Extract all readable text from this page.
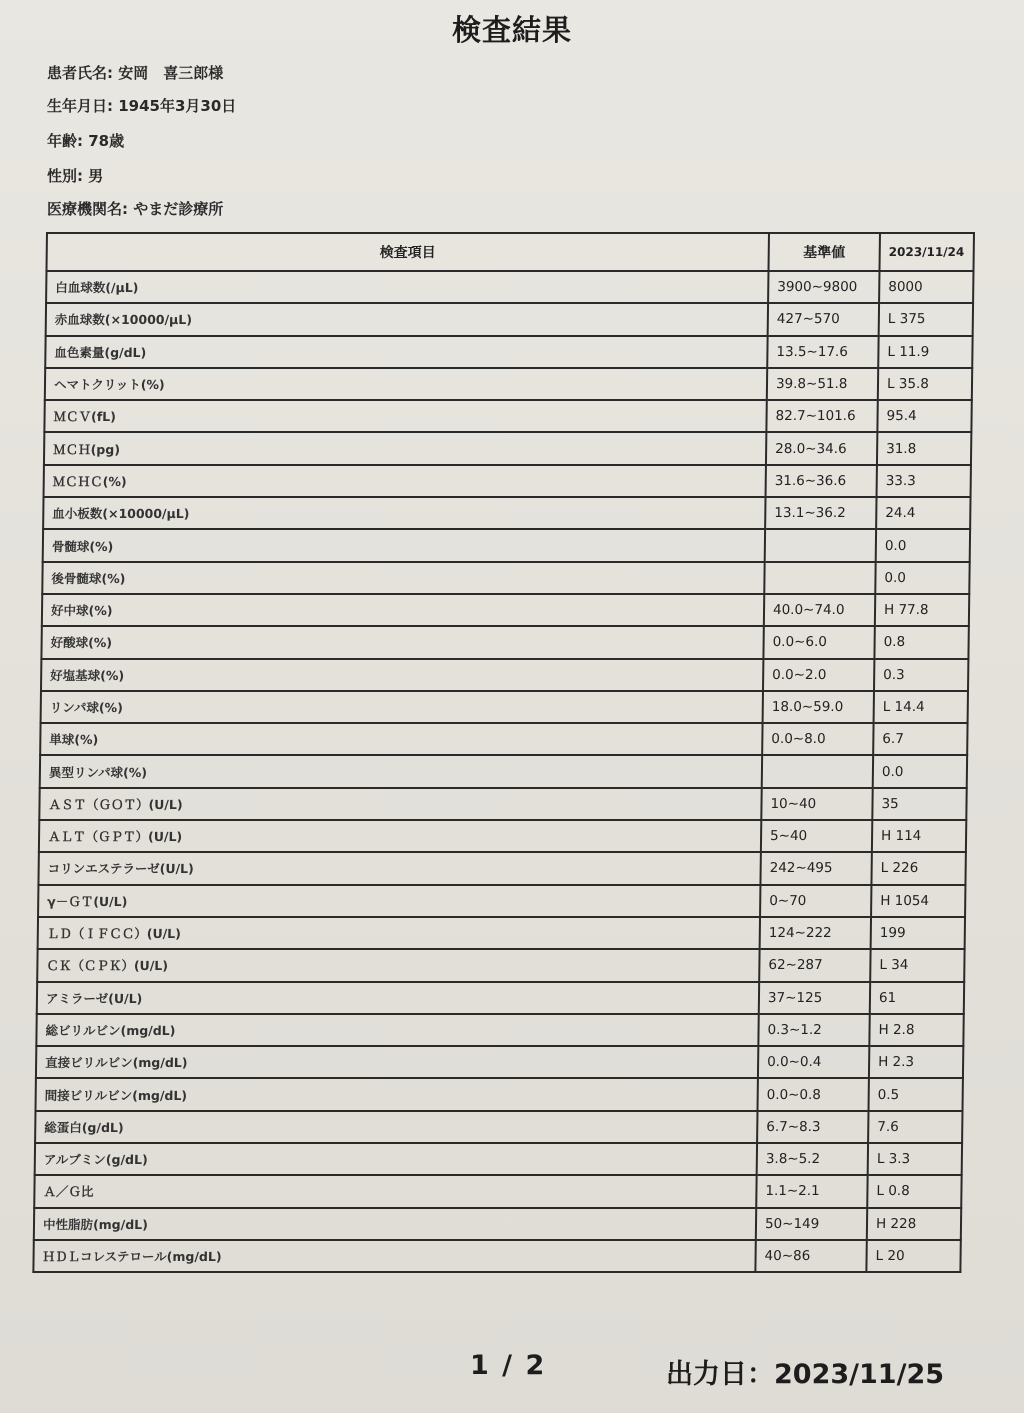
検査結果
患者氏名: 安岡　喜三郎様
生年月日: 1945年3月30日
年齢: 78歳
性別: 男
医療機関名: やまだ診療所
検査項目	基準値	2023/11/24
白血球数(/μL)	3900~9800	8000
赤血球数(×10000/μL)	427~570	L 375
血色素量(g/dL)	13.5~17.6	L 11.9
ヘマトクリット(%)	39.8~51.8	L 35.8
ＭＣＶ(fL)	82.7~101.6	95.4
ＭＣＨ(pg)	28.0~34.6	31.8
ＭＣＨＣ(%)	31.6~36.6	33.3
血小板数(×10000/μL)	13.1~36.2	24.4
骨髄球(%)		0.0
後骨髄球(%)		0.0
好中球(%)	40.0~74.0	H 77.8
好酸球(%)	0.0~6.0	0.8
好塩基球(%)	0.0~2.0	0.3
リンパ球(%)	18.0~59.0	L 14.4
単球(%)	0.0~8.0	6.7
異型リンパ球(%)		0.0
ＡＳＴ（ＧＯＴ）(U/L)	10~40	35
ＡＬＴ（ＧＰＴ）(U/L)	5~40	H 114
コリンエステラーゼ(U/L)	242~495	L 226
γ－ＧＴ(U/L)	0~70	H 1054
ＬＤ（ＩＦＣＣ）(U/L)	124~222	199
ＣＫ（ＣＰＫ）(U/L)	62~287	L 34
アミラーゼ(U/L)	37~125	61
総ビリルビン(mg/dL)	0.3~1.2	H 2.8
直接ビリルビン(mg/dL)	0.0~0.4	H 2.3
間接ビリルビン(mg/dL)	0.0~0.8	0.5
総蛋白(g/dL)	6.7~8.3	7.6
アルブミン(g/dL)	3.8~5.2	L 3.3
Ａ／Ｇ比	1.1~2.1	L 0.8
中性脂肪(mg/dL)	50~149	H 228
ＨＤＬコレステロール(mg/dL)	40~86	L 20
1 / 2	出力日：2023/11/25
